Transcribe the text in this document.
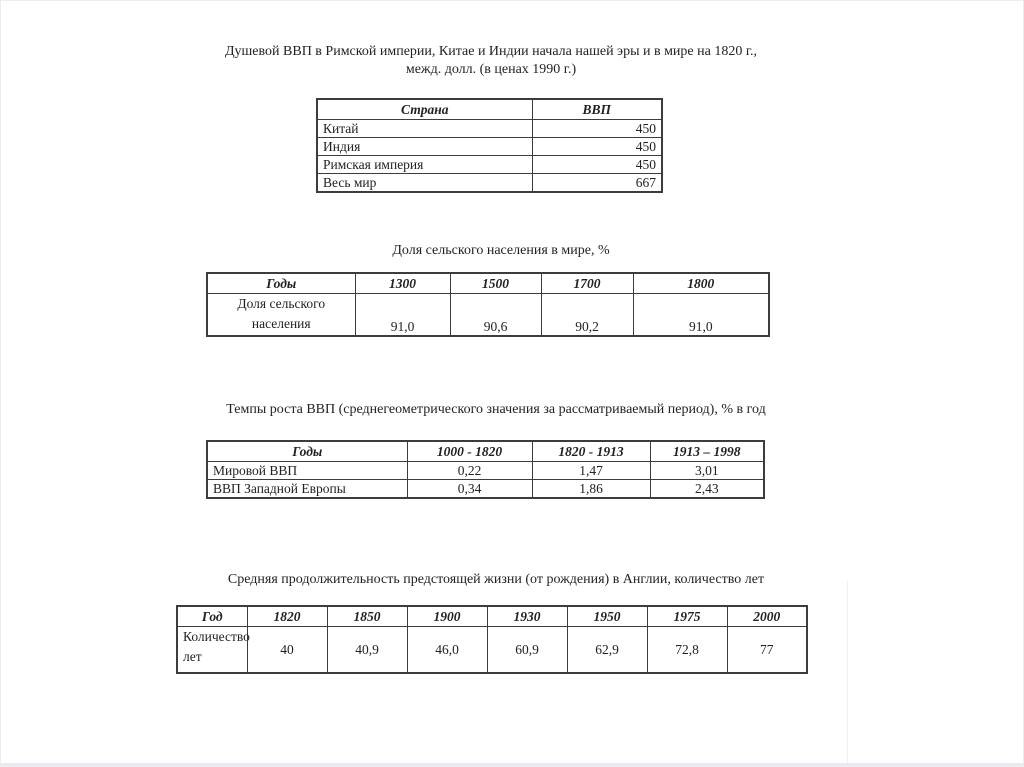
Душевой ВВП в Римской империи, Китае и Индии начала нашей эры и в мире на 1820 г.,
межд. долл. (в ценах 1990 г.)
Страна	ВВП
Китай	450
Индия	450
Римская империя	450
Весь мир	667
Доля сельского населения в мире, %
Годы	1300	1500	1700	1800

Доля сельского
населения	91,0	90,6	90,2	91,0
Темпы роста ВВП (среднегеометрического значения за рассматриваемый период), % в год
Годы	1000 - 1820	1820 - 1913	1913 – 1998
Мировой ВВП	0,22	1,47	3,01
ВВП Западной Европы	0,34	1,86	2,43
Средняя продолжительность предстоящей жизни (от рождения) в Англии, количество лет
Год	1820	1850	1900	1930	1950	1975	2000

Количество
лет	40	40,9	46,0	60,9	62,9	72,8	77
